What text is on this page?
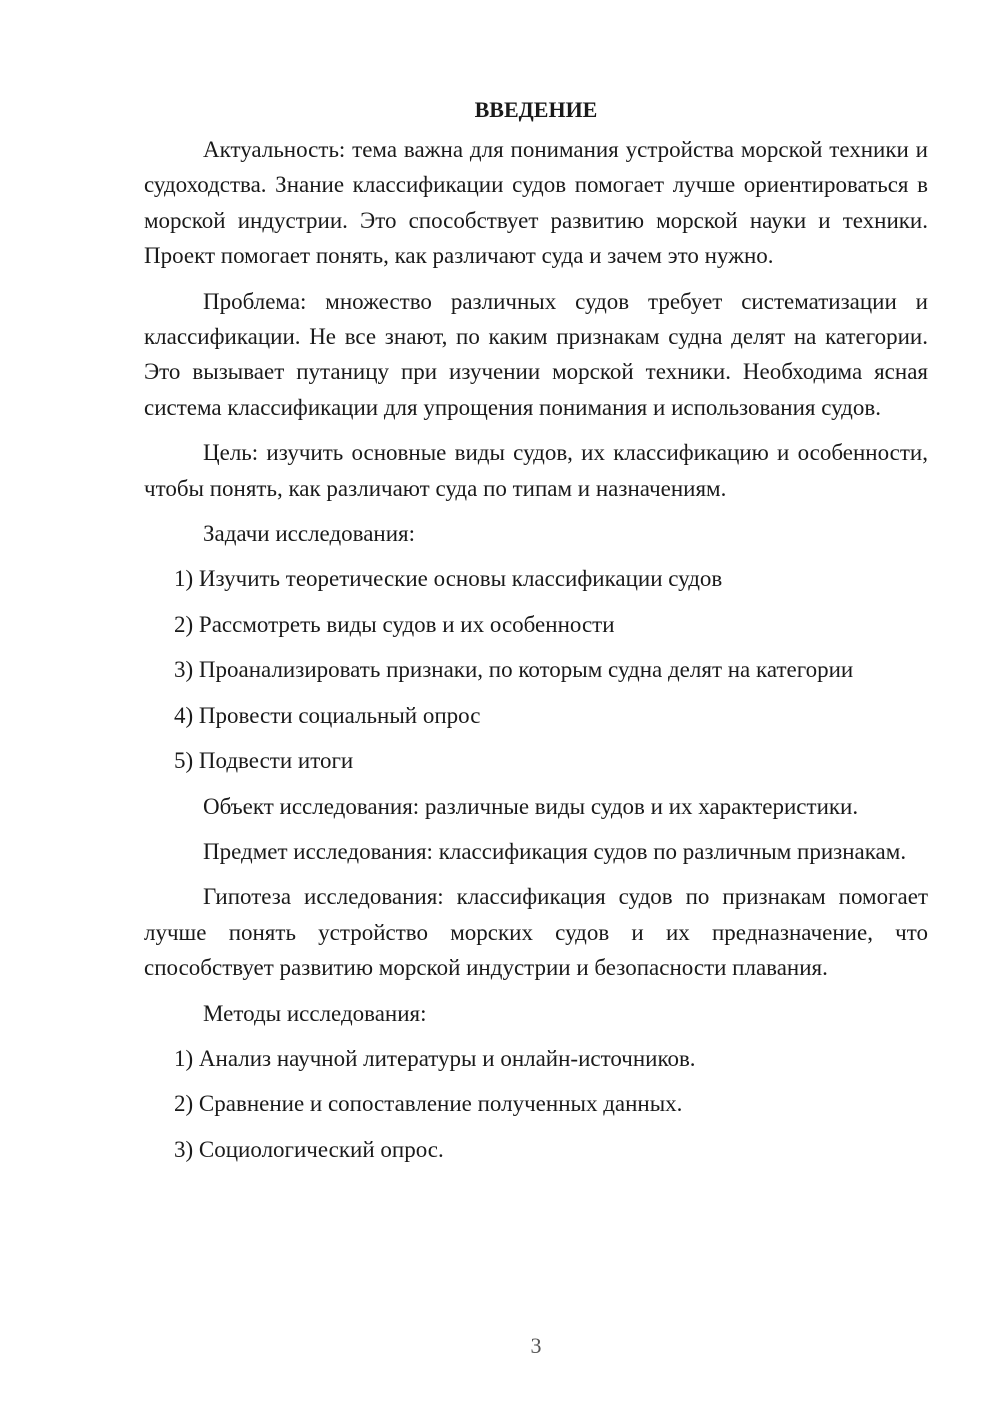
ВВЕДЕНИЕ

Актуальность: тема важна для понимания устройства морской техники и судоходства. Знание классификации судов помогает лучше ориентироваться в морской индустрии. Это способствует развитию морской науки и техники. Проект помогает понять, как различают суда и зачем это нужно.

Проблема: множество различных судов требует систематизации и классификации. Не все знают, по каким признакам судна делят на категории. Это вызывает путаницу при изучении морской техники. Необходима ясная система классификации для упрощения понимания и использования судов.

Цель: изучить основные виды судов, их классификацию и особенности, чтобы понять, как различают суда по типам и назначениям.

Задачи исследования:

1) Изучить теоретические основы классификации судов
2) Рассмотреть виды судов и их особенности
3) Проанализировать признаки, по которым судна делят на категории
4) Провести социальный опрос
5) Подвести итоги

Объект исследования: различные виды судов и их характеристики.

Предмет исследования: классификация судов по различным признакам.

Гипотеза исследования: классификация судов по признакам помогает лучше понять устройство морских судов и их предназначение, что способствует развитию морской индустрии и безопасности плавания.

Методы исследования:

1) Анализ научной литературы и онлайн-источников.
2) Сравнение и сопоставление полученных данных.
3) Социологический опрос.
3
